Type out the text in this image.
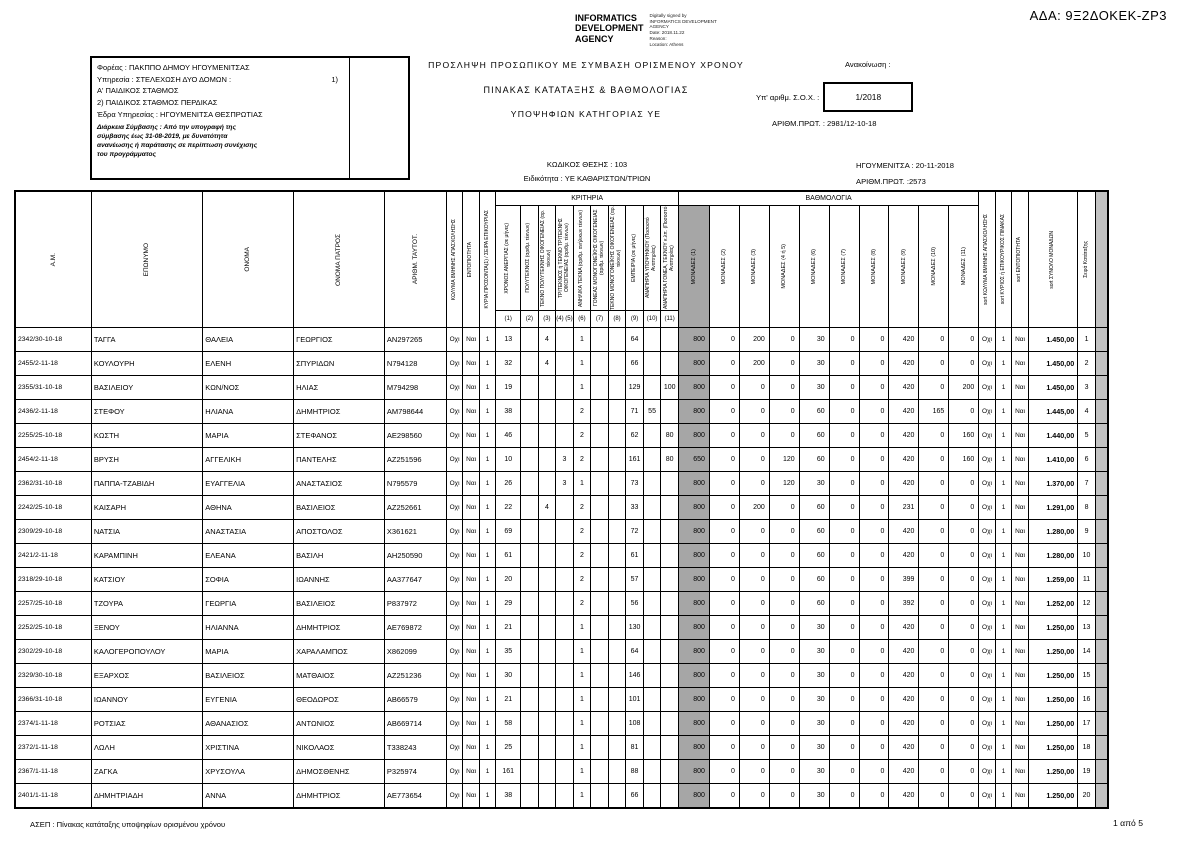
ΑΔΑ: 9Ξ2ΔΟΚΕΚ-ΖΡ3
INFORMATICS
DEVELOPMENT
AGENCY
Digitally signed by
INFORMATICS DEVELOPMENT AGENCY
Date: 2018.11.22
Reason:
Location: Athens
Φορέας : ΠΑΚΠΠΟ ΔΗΜΟΥ ΗΓΟΥΜΕΝΙΤΣΑΣ
Υπηρεσία : ΣΤΕΛΕΧΩΣΗ ΔΥΟ ΔΟΜΩΝ :	1)
Α' ΠΑΙΔΙΚΟΣ ΣΤΑΘΜΟΣ
2) ΠΑΙΔΙΚΟΣ ΣΤΑΘΜΟΣ ΠΕΡΔΙΚΑΣ
Έδρα Υπηρεσίας : ΗΓΟΥΜΕΝΙΤΣΑ ΘΕΣΠΡΩΤΙΑΣ
Διάρκεια Σύμβασης : Από την υπογραφή της σύμβασης έως 31-08-2019, με δυνατότητα ανανέωσης ή παράτασης σε περίπτωση συνέχισης του προγράμματος
ΠΡΟΣΛΗΨΗ ΠΡΟΣΩΠΙΚΟΥ ΜΕ ΣΥΜΒΑΣΗ ΟΡΙΣΜΕΝΟΥ ΧΡΟΝΟΥ
ΠΙΝΑΚΑΣ ΚΑΤΑΤΑΞΗΣ & ΒΑΘΜΟΛΟΓΙΑΣ
ΥΠΟΨΗΦΙΩΝ ΚΑΤΗΓΟΡΙΑΣ ΥΕ
ΚΩΔΙΚΟΣ ΘΕΣΗΣ : 103
Ειδικότητα : ΥΕ ΚΑΘΑΡΙΣΤΩΝ/ΤΡΙΩΝ
Ανακοίνωση :
Υπ' αριθμ. Σ.Ο.Χ. :	1/2018
ΑΡΙΘΜ.ΠΡΩΤ. : 2981/12-10-18
ΗΓΟΥΜΕΝΙΤΣΑ : 20-11-2018
ΑΡΙΘΜ.ΠΡΩΤ. :2573
Α.Μ.	ΕΠΩΝΥΜΟ	ΟΝΟΜΑ	ΟΝΟΜΑ ΠΑΤΡΟΣ	ΑΡΙΘΜ. ΤΑΥΤΟΤ.	ΚΩΛΥΜΑ 8ΜΗΝΗΣ ΑΠΑΣΧΟΛΗΣΗΣ	ΕΝΤΟΠΙΟΤΗΤΑ	ΚΥΡΙΑ ΠΡΟΣΟΝΤΑ(1) / ΣΕΙΡΑ ΕΠΙΚΟΥΡΙΑΣ	ΚΡΙΤΗΡΙΑ										ΒΑΘΜΟΛΟΓΙΑ										sort ΚΩΛΥΜΑ 8ΜΗΝΗΣ ΑΠΑΣΧΟΛΗΣΗΣ	sort ΚΥΡΙΟΣ ή ΕΠΙΚΟΥΡΙΚΟΣ ΠΙΝΑΚΑΣ	sort ΕΝΤΟΠΙΟΤΗΤΑ	sort ΣΥΝΟΛΟ ΜΟΝΑΔΩΝ	Σειρά Κατάταξης	

								ΧΡΟΝΟΣ ΑΝΕΡΓΙΑΣ (σε μήνες)	ΠΟΛΥΤΕΚΝΟΣ (αριθμ. τέκνων)	ΤΕΚΝΟ ΠΟΛΥΤΕΚΝΗΣ ΟΙΚΟΓΕΝΕΙΑΣ (αρ. τέκνων)	ΤΡΙΤΕΚΝΟΣ ή ΤΕΚΝΟ ΤΡΙΤΕΚΝΗΣ ΟΙΚΟΓΕΝΕΙΑΣ (αριθμ. τέκνων)	ΑΝΗΛΙΚΑ ΤΕΚΝΑ (αριθμ. ανήλικων τέκνων)	ΓΟΝΕΑΣ ΜΟΝΟΓΟΝΕΪΚΗΣ ΟΙΚΟΓΕΝΕΙΑΣ (αριθμ. τέκνων)	ΤΕΚΝΟ ΜΟΝΟΓΟΝΕΪΚΗΣ ΟΙΚΟΓΕΝΕΙΑΣ (αρ. τέκνων)	ΕΜΠΕΙΡΙΑ (σε μήνες)	ΑΝΑΠΗΡΙΑ ΥΠΟΨΗΦΙΟΥ (Ποσοστό Αναπηρίας)	ΑΝΑΠΗΡΙΑ ΓΟΝΕΑ, ΤΕΚΝΟΥ κ.λπ. (Ποσοστό Αναπηρίας)	ΜΟΝΑΔΕΣ (1)	ΜΟΝΑΔΕΣ (2)	ΜΟΝΑΔΕΣ (3)	ΜΟΝΑΔΕΣ (4 ή 5)	ΜΟΝΑΔΕΣ (6)	ΜΟΝΑΔΕΣ (7)	ΜΟΝΑΔΕΣ (8)	ΜΟΝΑΔΕΣ (9)	ΜΟΝΑΔΕΣ (10)	ΜΟΝΑΔΕΣ (11)						

								(1)	(2)	(3)	(4) (5)	(6)	(7)	(8)	(9)	(10)	(11)																
2342/30-10-18	ΤΑΓΓΑ	ΘΑΛΕΙΑ	ΓΕΩΡΓΙΟΣ	ΑΝ297265	Οχι	Ναι	1	13		4		1			64			800	0	200	0	30	0	0	420	0	0	Οχι	1	Ναι	1.450,00	1	
2455/2-11-18	ΚΟΥΛΟΥΡΗ	ΕΛΕΝΗ	ΣΠΥΡΙΔΩΝ	Ν794128	Οχι	Ναι	1	32		4		1			66			800	0	200	0	30	0	0	420	0	0	Οχι	1	Ναι	1.450,00	2	
2355/31-10-18	ΒΑΣΙΛΕΙΟΥ	ΚΩΝ/ΝΟΣ	ΗΛΙΑΣ	Μ794298	Οχι	Ναι	1	19				1			129		100	800	0	0	0	30	0	0	420	0	200	Οχι	1	Ναι	1.450,00	3	
2436/2-11-18	ΣΤΕΦΟΥ	ΗΛΙΑΝΑ	ΔΗΜΗΤΡΙΟΣ	ΑΜ798644	Οχι	Ναι	1	38				2			71	55		800	0	0	0	60	0	0	420	165	0	Οχι	1	Ναι	1.445,00	4	
2255/25-10-18	ΚΩΣΤΗ	ΜΑΡΙΑ	ΣΤΕΦΑΝΟΣ	ΑΕ298560	Οχι	Ναι	1	46				2			62		80	800	0	0	0	60	0	0	420	0	160	Οχι	1	Ναι	1.440,00	5	
2454/2-11-18	ΒΡΥΣΗ	ΑΓΓΕΛΙΚΗ	ΠΑΝΤΕΛΗΣ	ΑΖ251596	Οχι	Ναι	1	10			3	2			161		80	650	0	0	120	60	0	0	420	0	160	Οχι	1	Ναι	1.410,00	6	
2362/31-10-18	ΠΑΠΠΑ-ΤΖΑΒΙΔΗ	ΕΥΑΓΓΕΛΙΑ	ΑΝΑΣΤΑΣΙΟΣ	Ν795579	Οχι	Ναι	1	26			3	1			73			800	0	0	120	30	0	0	420	0	0	Οχι	1	Ναι	1.370,00	7	
2242/25-10-18	ΚΑΙΣΑΡΗ	ΑΘΗΝΑ	ΒΑΣΙΛΕΙΟΣ	ΑΖ252661	Οχι	Ναι	1	22		4		2			33			800	0	200	0	60	0	0	231	0	0	Οχι	1	Ναι	1.291,00	8	
2309/29-10-18	ΝΑΤΣΙΑ	ΑΝΑΣΤΑΣΙΑ	ΑΠΟΣΤΟΛΟΣ	Χ361621	Οχι	Ναι	1	69				2			72			800	0	0	0	60	0	0	420	0	0	Οχι	1	Ναι	1.280,00	9	
2421/2-11-18	ΚΑΡΑΜΠΙΝΗ	ΕΛΕΑΝΑ	ΒΑΣΙΛΗ	ΑΗ250590	Οχι	Ναι	1	61				2			61			800	0	0	0	60	0	0	420	0	0	Οχι	1	Ναι	1.280,00	10	
2318/29-10-18	ΚΑΤΣΙΟΥ	ΣΟΦΙΑ	ΙΩΑΝΝΗΣ	ΑΑ377647	Οχι	Ναι	1	20				2			57			800	0	0	0	60	0	0	399	0	0	Οχι	1	Ναι	1.259,00	11	
2257/25-10-18	ΤΖΟΥΡΑ	ΓΕΩΡΓΙΑ	ΒΑΣΙΛΕΙΟΣ	Ρ837972	Οχι	Ναι	1	29				2			56			800	0	0	0	60	0	0	392	0	0	Οχι	1	Ναι	1.252,00	12	
2252/25-10-18	ΞΕΝΟΥ	ΗΛΙΑΝΝΑ	ΔΗΜΗΤΡΙΟΣ	ΑΕ769872	Οχι	Ναι	1	21				1			130			800	0	0	0	30	0	0	420	0	0	Οχι	1	Ναι	1.250,00	13	
2302/29-10-18	ΚΑΛΟΓΕΡΟΠΟΥΛΟΥ	ΜΑΡΙΑ	ΧΑΡΑΛΑΜΠΟΣ	Χ862099	Οχι	Ναι	1	35				1			64			800	0	0	0	30	0	0	420	0	0	Οχι	1	Ναι	1.250,00	14	
2329/30-10-18	ΕΞΑΡΧΟΣ	ΒΑΣΙΛΕΙΟΣ	ΜΑΤΘΑΙΟΣ	ΑΖ251236	Οχι	Ναι	1	30				1			146			800	0	0	0	30	0	0	420	0	0	Οχι	1	Ναι	1.250,00	15	
2366/31-10-18	ΙΩΑΝΝΟΥ	ΕΥΓΕΝΙΑ	ΘΕΟΔΩΡΟΣ	ΑΒ66579	Οχι	Ναι	1	21				1			101			800	0	0	0	30	0	0	420	0	0	Οχι	1	Ναι	1.250,00	16	
2374/1-11-18	ΡΟΤΣΙΑΣ	ΑΘΑΝΑΣΙΟΣ	ΑΝΤΩΝΙΟΣ	ΑΒ669714	Οχι	Ναι	1	58				1			108			800	0	0	0	30	0	0	420	0	0	Οχι	1	Ναι	1.250,00	17	
2372/1-11-18	ΛΩΛΗ	ΧΡΙΣΤΙΝΑ	ΝΙΚΟΛΑΟΣ	Τ338243	Οχι	Ναι	1	25				1			81			800	0	0	0	30	0	0	420	0	0	Οχι	1	Ναι	1.250,00	18	
2367/1-11-18	ΖΑΓΚΑ	ΧΡΥΣΟΥΛΑ	ΔΗΜΟΣΘΕΝΗΣ	Ρ325974	Οχι	Ναι	1	161				1			88			800	0	0	0	30	0	0	420	0	0	Οχι	1	Ναι	1.250,00	19	
2401/1-11-18	ΔΗΜΗΤΡΙΑΔΗ	ΑΝΝΑ	ΔΗΜΗΤΡΙΟΣ	ΑΕ773654	Οχι	Ναι	1	38				1			66			800	0	0	0	30	0	0	420	0	0	Οχι	1	Ναι	1.250,00	20	
ΑΣΕΠ : Πίνακας κατάταξης υποψηφίων ορισμένου χρόνου	1 από 5
